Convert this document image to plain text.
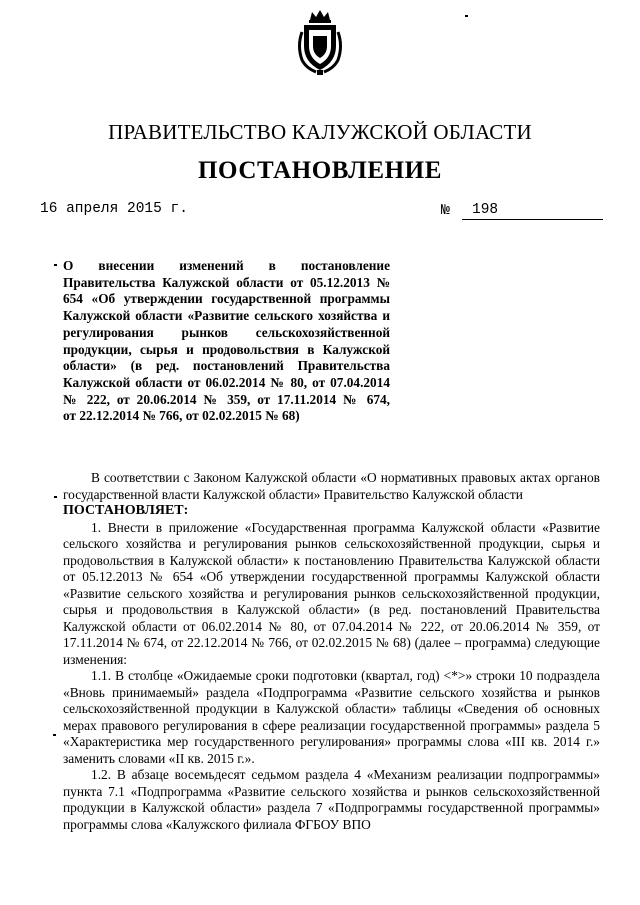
ПРАВИТЕЛЬСТВО КАЛУЖСКОЙ ОБЛАСТИ
ПОСТАНОВЛЕНИЕ
16 апреля 2015 г.	№ 198
О внесении изменений в постановление Правительства Калужской области от 05.12.2013 № 654 «Об утверждении государственной программы Калужской области «Развитие сельского хозяйства и регулирования рынков сельскохозяйственной продукции, сырья и продовольствия в Калужской области» (в ред. постановлений Правительства Калужской области от 06.02.2014 № 80, от 07.04.2014 № 222, от 20.06.2014 № 359, от 17.11.2014 № 674,
от 22.12.2014 № 766, от 02.02.2015 № 68)

В соответствии с Законом Калужской области «О нормативных правовых актах органов государственной власти Калужской области» Правительство Калужской области

ПОСТАНОВЛЯЕТ:

1. Внести в приложение «Государственная программа Калужской области «Развитие сельского хозяйства и регулирования рынков сельскохозяйственной продукции, сырья и продовольствия в Калужской области» к постановлению Правительства Калужской области от 05.12.2013 № 654 «Об утверждении государственной программы Калужской области «Развитие сельского хозяйства и регулирования рынков сельскохозяйственной продукции, сырья и продовольствия в Калужской области» (в ред. постановлений Правительства Калужской области от 06.02.2014 № 80, от 07.04.2014 № 222, от 20.06.2014 № 359, от 17.11.2014 № 674, от 22.12.2014 № 766, от 02.02.2015 № 68) (далее – программа) следующие изменения:

1.1. В столбце «Ожидаемые сроки подготовки (квартал, год) <*>» строки 10 подраздела «Вновь принимаемый» раздела «Подпрограмма «Развитие сельского хозяйства и рынков сельскохозяйственной продукции в Калужской области» таблицы «Сведения об основных мерах правового регулирования в сфере реализации государственной программы» раздела 5 «Характеристика мер государственного регулирования» программы слова «III кв. 2014 г.» заменить словами «II кв. 2015 г.».

1.2. В абзаце восемьдесят седьмом раздела 4 «Механизм реализации подпрограммы» пункта 7.1 «Подпрограмма «Развитие сельского хозяйства и рынков сельскохозяйственной продукции в Калужской области» раздела 7 «Подпрограммы государственной программы» программы слова «Калужского филиала ФГБОУ ВПО
